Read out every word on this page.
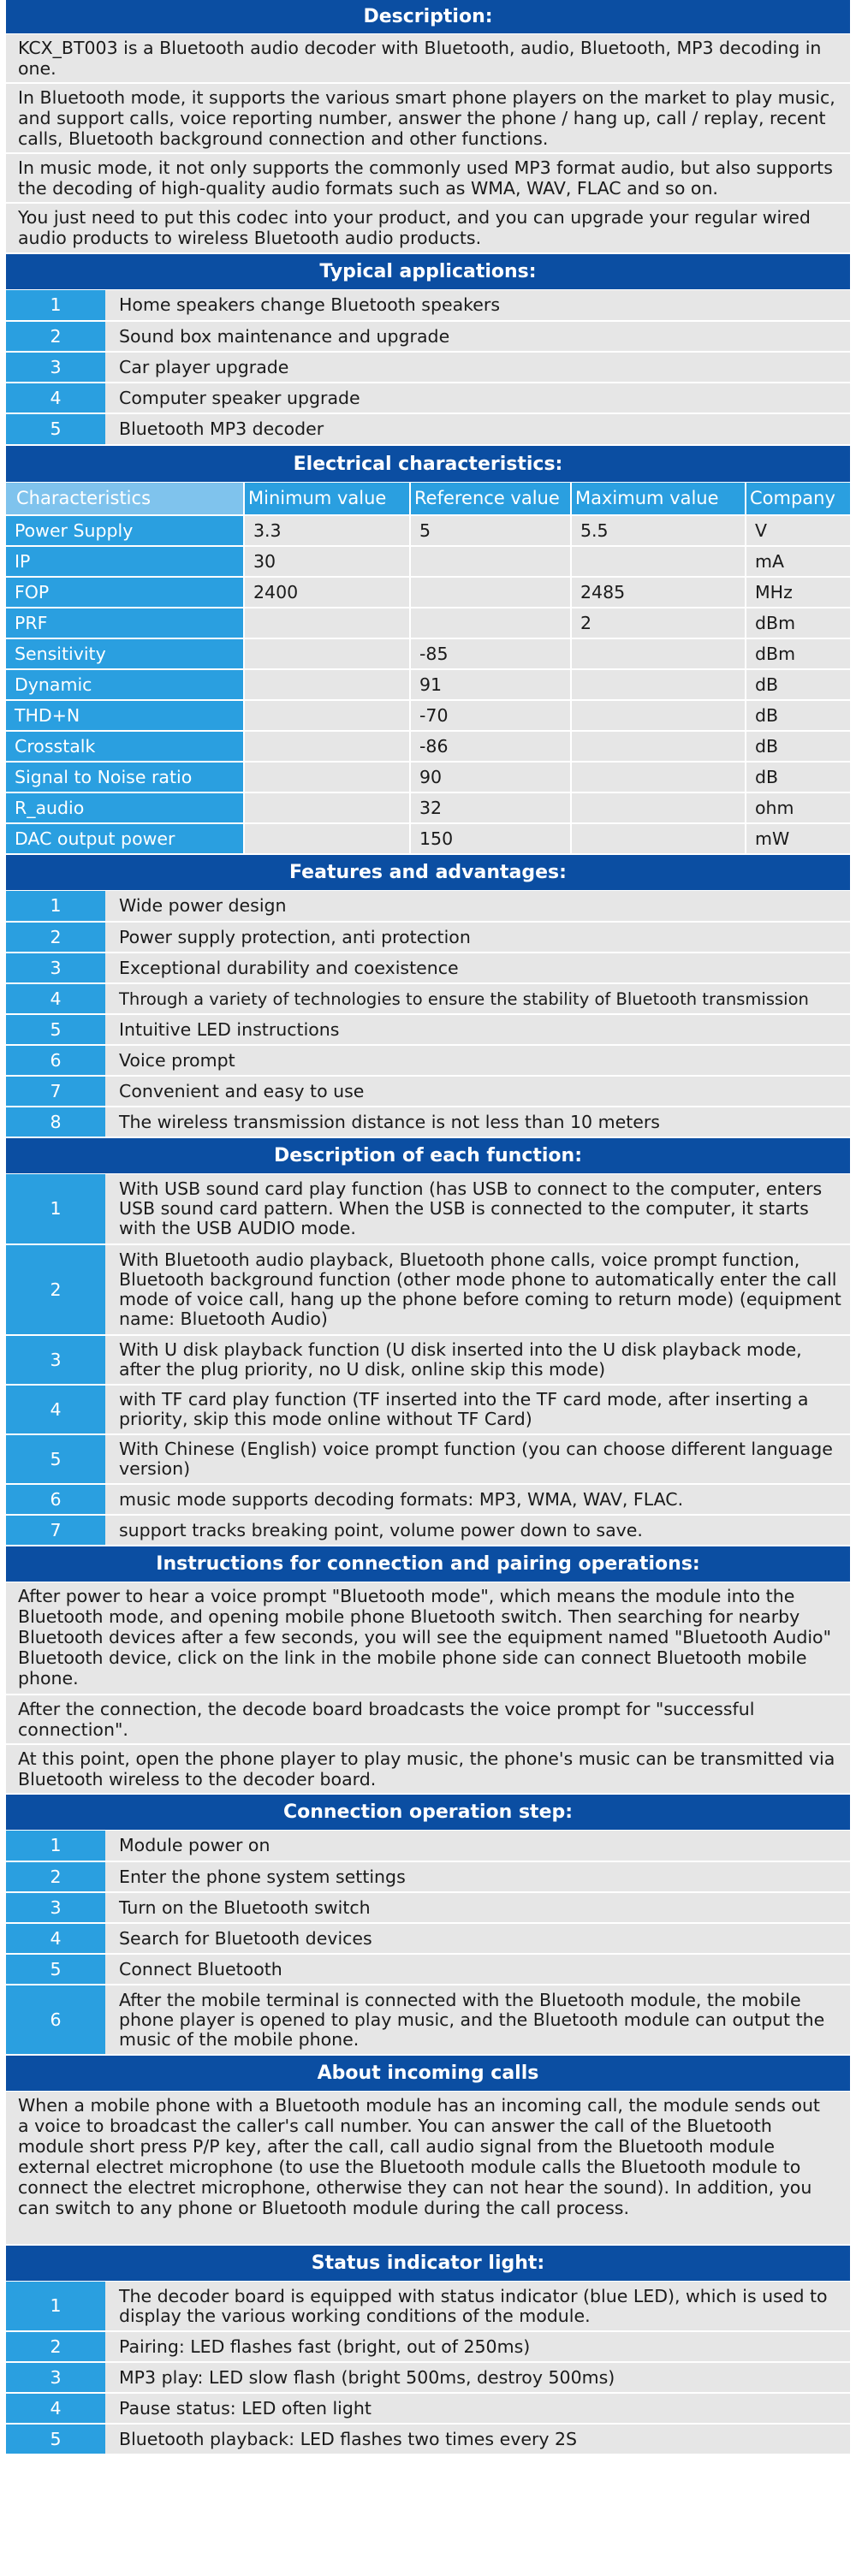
Description:
KCX_BT003 is a Bluetooth audio decoder with Bluetooth, audio, Bluetooth, MP3 decoding in one.
In Bluetooth mode, it supports the various smart phone players on the market to play music, and support calls, voice reporting number, answer the phone / hang up, call / replay, recent calls, Bluetooth background connection and other functions.
In music mode, it not only supports the commonly used MP3 format audio, but also supports the decoding of high-quality audio formats such as WMA, WAV, FLAC and so on.
You just need to put this codec into your product, and you can upgrade your regular wired audio products to wireless Bluetooth audio products.
Typical applications:
1	Home speakers change Bluetooth speakers
2	Sound box maintenance and upgrade
3	Car player upgrade
4	Computer speaker upgrade
5	Bluetooth MP3 decoder
Electrical characteristics:
Characteristics	Minimum value	Reference value	Maximum value	Company
Power Supply	3.3	5	5.5	V
IP	30			mA
FOP	2400		2485	MHz
PRF			2	dBm
Sensitivity		-85		dBm
Dynamic		91		dB
THD+N		-70		dB
Crosstalk		-86		dB
Signal to Noise ratio		90		dB
R_audio		32		ohm
DAC output power		150		mW
Features and advantages:
1	Wide power design
2	Power supply protection, anti protection
3	Exceptional durability and coexistence
4	Through a variety of technologies to ensure the stability of Bluetooth transmission
5	Intuitive LED instructions
6	Voice prompt
7	Convenient and easy to use
8	The wireless transmission distance is not less than 10 meters
Description of each function:
1	With USB sound card play function (has USB to connect to the computer, enters USB sound card pattern. When the USB is connected to the computer, it starts with the USB AUDIO mode.
2	With Bluetooth audio playback, Bluetooth phone calls, voice prompt function, Bluetooth background function (other mode phone to automatically enter the call mode of voice call, hang up the phone before coming to return mode) (equipment name: Bluetooth Audio)
3	With U disk playback function (U disk inserted into the U disk playback mode, after the plug priority, no U disk, online skip this mode)
4	with TF card play function (TF inserted into the TF card mode, after inserting a priority, skip this mode online without TF Card)
5	With Chinese (English) voice prompt function (you can choose different language version)
6	music mode supports decoding formats: MP3, WMA, WAV, FLAC.
7	support tracks breaking point, volume power down to save.
Instructions for connection and pairing operations:
After power to hear a voice prompt "Bluetooth mode", which means the module into the Bluetooth mode, and opening mobile phone Bluetooth switch. Then searching for nearby Bluetooth devices after a few seconds, you will see the equipment named "Bluetooth Audio" Bluetooth device, click on the link in the mobile phone side can connect Bluetooth mobile phone.
After the connection, the decode board broadcasts the voice prompt for "successful connection".
At this point, open the phone player to play music, the phone's music can be transmitted via Bluetooth wireless to the decoder board.
Connection operation step:
1	Module power on
2	Enter the phone system settings
3	Turn on the Bluetooth switch
4	Search for Bluetooth devices
5	Connect Bluetooth
6	After the mobile terminal is connected with the Bluetooth module, the mobile phone player is opened to play music, and the Bluetooth module can output the music of the mobile phone.
About incoming calls
When a mobile phone with a Bluetooth module has an incoming call, the module sends out a voice to broadcast the caller's call number. You can answer the call of the Bluetooth module short press P/P key, after the call, call audio signal from the Bluetooth module external electret microphone (to use the Bluetooth module calls the Bluetooth module to connect the electret microphone, otherwise they can not hear the sound). In addition, you can switch to any phone or Bluetooth module during the call process.
Status indicator light:
1	The decoder board is equipped with status indicator (blue LED), which is used to display the various working conditions of the module.
2	Pairing: LED flashes fast (bright, out of 250ms)
3	MP3 play: LED slow flash (bright 500ms, destroy 500ms)
4	Pause status: LED often light
5	Bluetooth playback: LED flashes two times every 2S
